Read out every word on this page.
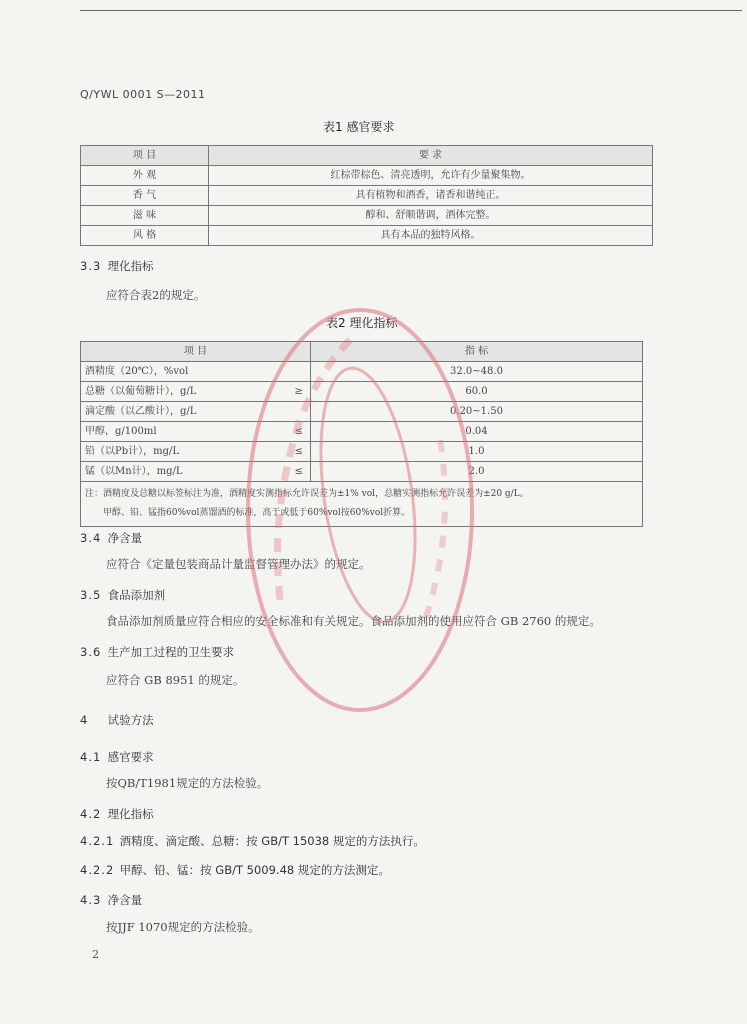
Q/YWL 0001 S—2011
表1 感官要求
项 目	要 求
外 观	红棕带棕色、清亮透明，允许有少量聚集物。
香 气	具有植物和酒香，诸香和谐纯正。
滋 味	醇和、舒顺谐调，酒体完整。
风 格	具有本品的独特风格。
3.3 理化指标
应符合表2的规定。
表2 理化指标
项 目		指 标
酒精度（20℃），%vol		32.0~48.0
总糖（以葡萄糖计），g/L	≥	60.0
滴定酸（以乙酸计），g/L		0.20~1.50
甲醇，g/100ml	≤	0.04
铅（以Pb计），mg/L	≤	1.0
锰（以Mn计），mg/L	≤	2.0

注：酒精度及总糖以标签标注为准，酒精度实测指标允许误差为±1% vol，总糖实测指标允许误差为±20 g/L。
甲醇、铅、锰指60%vol蒸馏酒的标准，高于或低于60%vol按60%vol折算。		
3.4 净含量
应符合《定量包装商品计量监督管理办法》的规定。
3.5 食品添加剂
食品添加剂质量应符合相应的安全标准和有关规定。食品添加剂的使用应符合 GB 2760 的规定。
3.6 生产加工过程的卫生要求
应符合 GB 8951 的规定。
4 试验方法
4.1 感官要求
按QB/T1981规定的方法检验。
4.2 理化指标
4.2.1 酒精度、滴定酸、总糖：按 GB/T 15038 规定的方法执行。
4.2.2 甲醇、铅、锰：按 GB/T 5009.48 规定的方法测定。
4.3 净含量
按JJF 1070规定的方法检验。
2
